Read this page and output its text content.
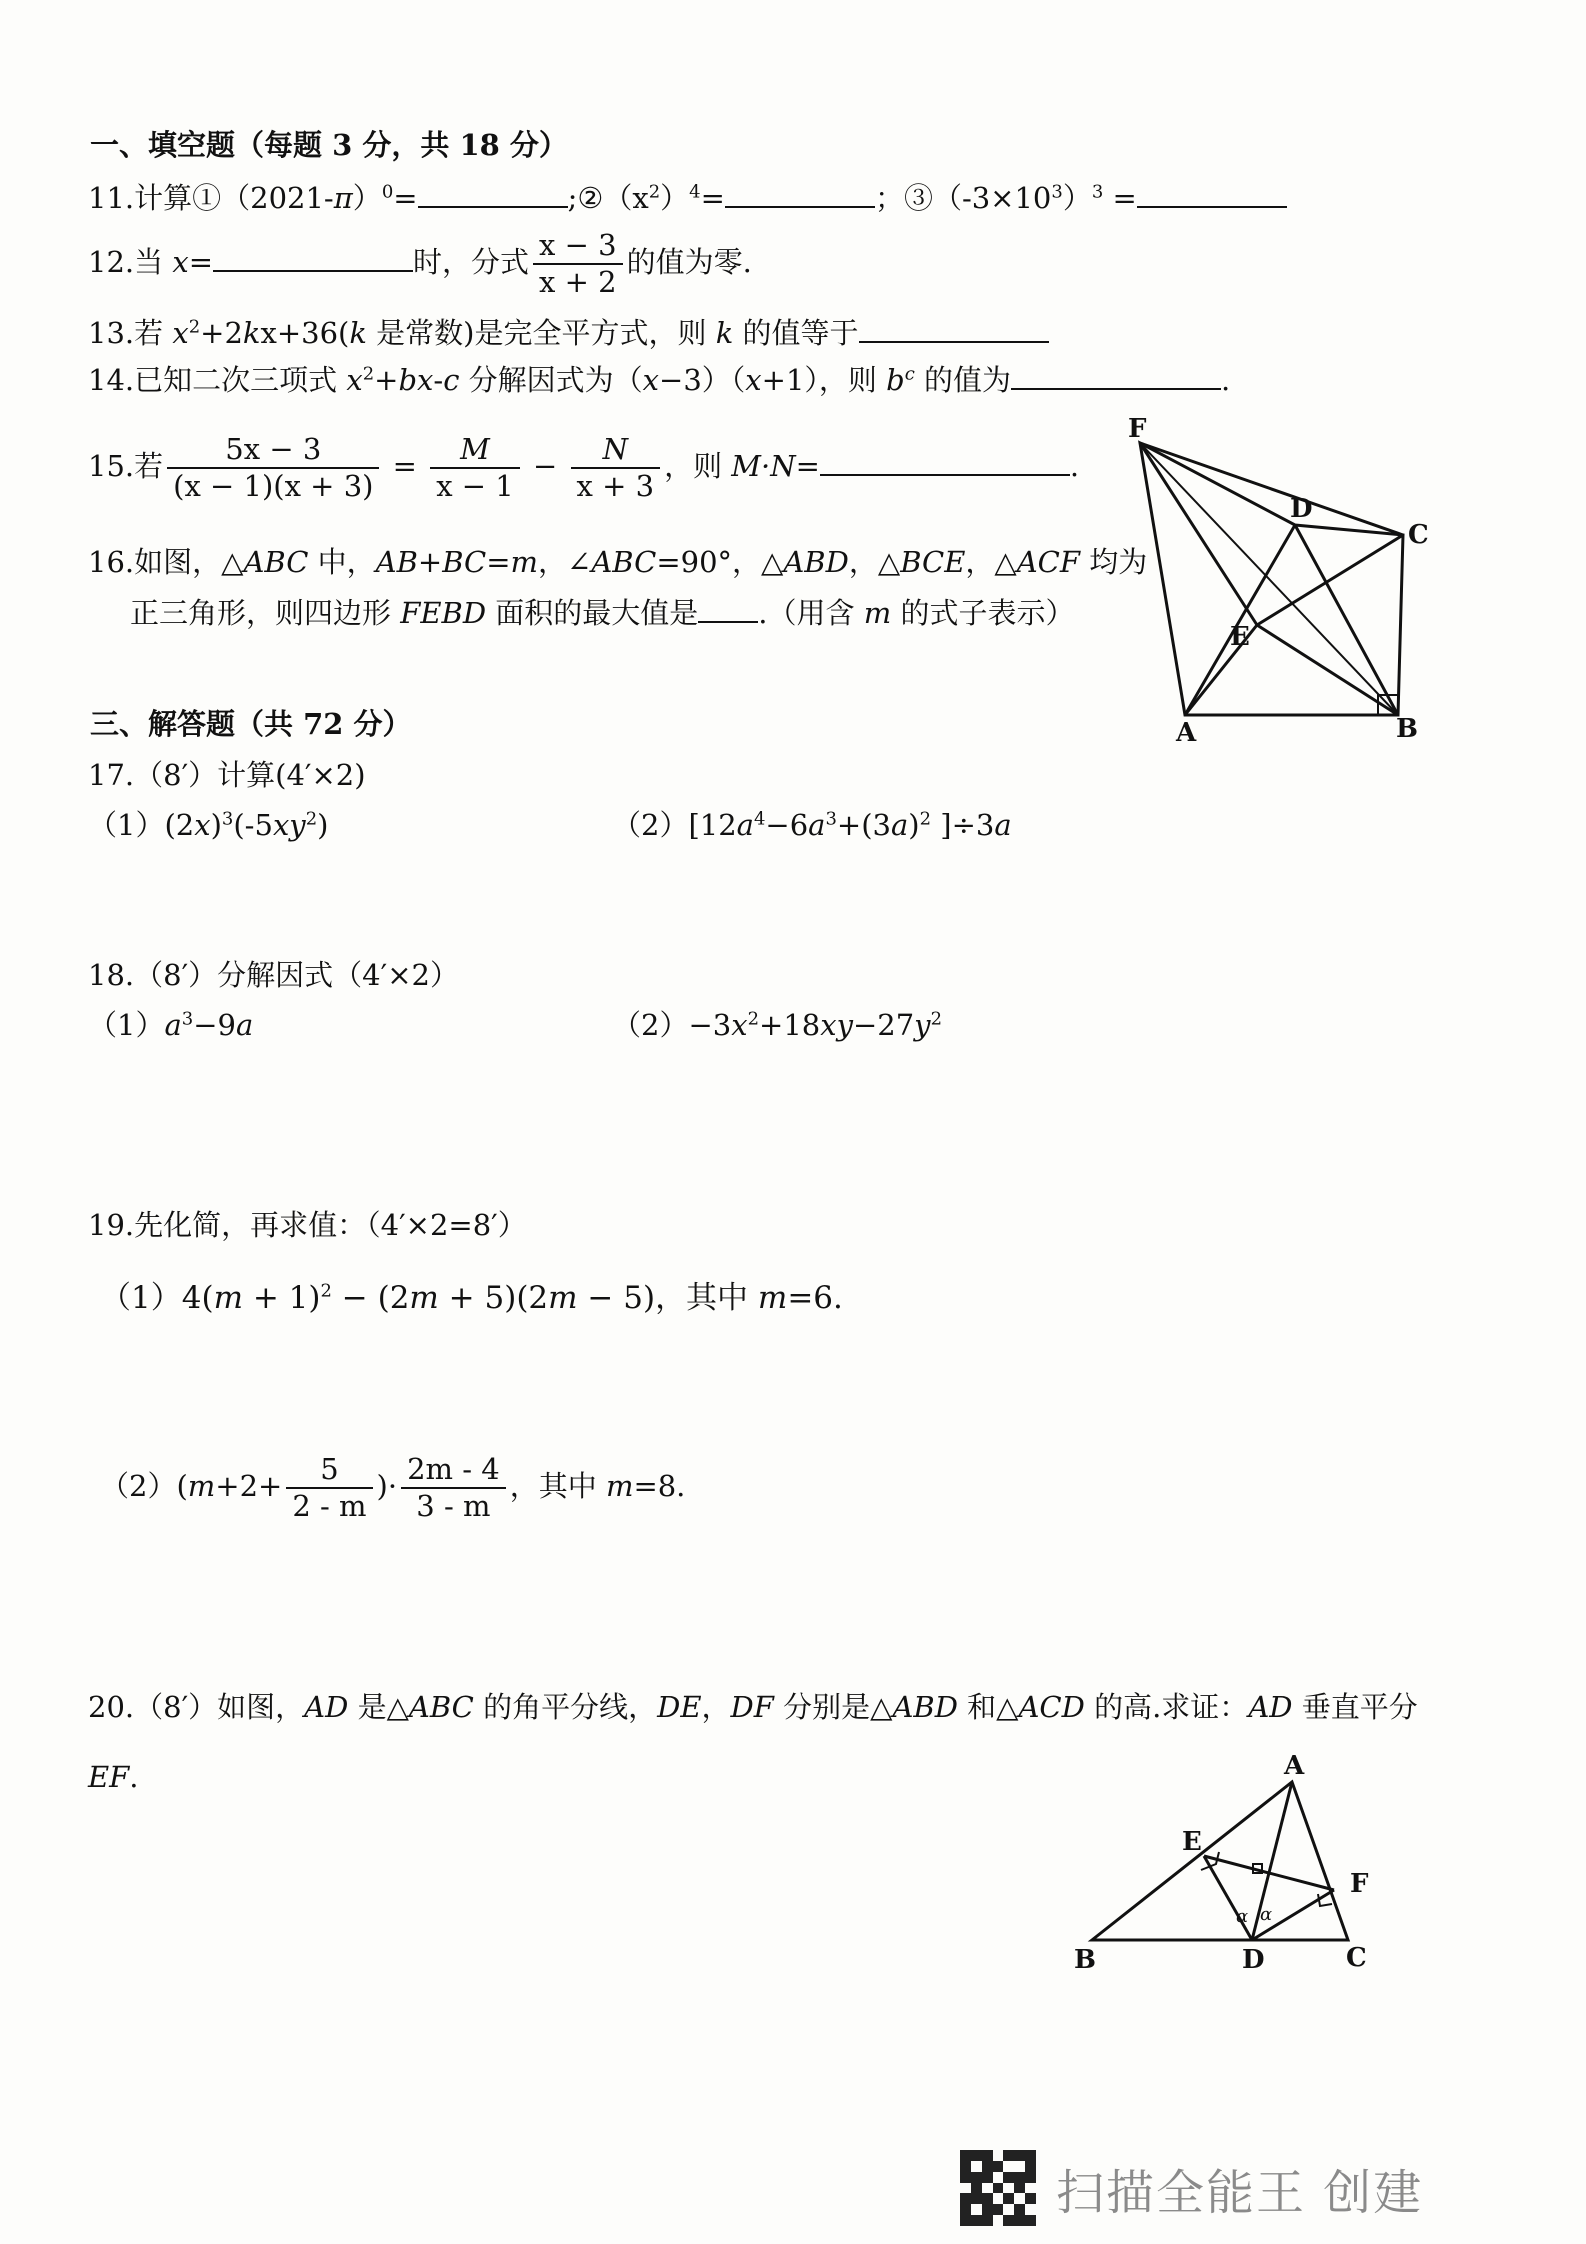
一、填空题（每题 3 分，共 18 分）
11.计算$①(2021-\pi)^0=$	$;②(x^2)^4=$	；$③(-3\times 10^3)^3$ =
12.当 x=	时，分式 $\frac{x - 3}{x + 2}$ 的值为零.
13.若 $x^2+2kx+36(k$ 是常数)是完全平方式，则 k 的值等于
14.已知二次三项式 $x^2+bx-c$ 分解因式为（x−3）（x+1），则 $b^c$ 的值为	.
15.若 $\frac{5x - 3}{(x - 1)(x + 3)} = \frac{M}{x - 1} - \frac{N}{x + 3}$ ，则 M·N=	.
16.如图，△ABC 中，AB+BC=m，∠ABC=90°，△ABD，△BCE，△ACF 均为
正三角形，则四边形 FEBD 面积的最大值是 .（用含 m 的式子表示）
F
D
C
E
A	B
三、解答题（共 72 分）
17.（8′）计算(4′×2)
$(1)(2x)^3(-5xy^2)$	$(2)[12a^4-6a^3+(3a)^2$ ]÷3a
18.（8′）分解因式（4′×2）
$(1)a^3-9a$	$(2)-3x^2+18xy-27y^2$
19.先化简，再求值：（4′×2=8′）
$(1)4(m + 1)^2 - (2m + 5)(2m - 5)$，其中 m=6.
$(2)(m+2+ \frac{5}{2 - m}$ )· $\frac{2m - 4}{3 - m}$ ，其中 m=8.
20.（8′）如图，AD 是△ABC 的角平分线，DE，DF 分别是△ABD 和△ACD 的高.求证：AD 垂直平分
EF.
E
A
F
B	D	C
α α
扫描全能王 创建
